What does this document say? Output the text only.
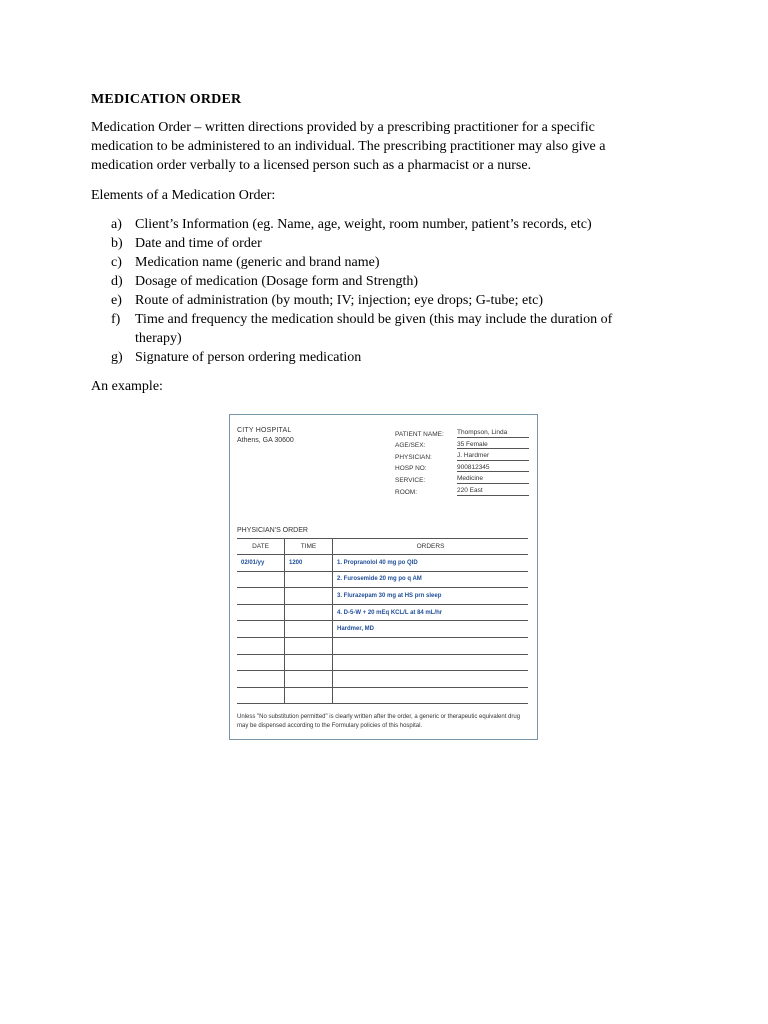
MEDICATION ORDER

Medication Order – written directions provided by a prescribing practitioner for a specific medication to be administered to an individual. The prescribing practitioner may also give a medication order verbally to a licensed person such as a pharmacist or a nurse.

Elements of a Medication Order:

a) Client’s Information (eg. Name, age, weight, room number, patient’s records, etc)
b) Date and time of order
c) Medication name (generic and brand name)
d) Dosage of medication (Dosage form and Strength)
e) Route of administration (by mouth; IV; injection; eye drops; G-tube; etc)
f)	Time and frequency the medication should be given (this may include the duration of therapy)
g) Signature of person ordering medication

An example:

CITY HOSPITAL
Athens, GA 30600
PATIENT NAME:	Thompson, Linda
AGE/SEX:	35 Female
PHYSICIAN:	J. Hardmer
HOSP NO:	900812345
SERVICE:	Medicine
ROOM:	220 East
PHYSICIAN'S ORDER
DATE	TIME	ORDERS
02/01/yy	1200	1. Propranolol 40 mg po QID
		2. Furosemide 20 mg po q AM
		3. Flurazepam 30 mg at HS prn sleep
		4. D-5-W + 20 mEq KCL/L at 84 mL/hr
		Hardmer, MD

Unless "No substitution permitted" is clearly written after the order, a generic or therapeutic equivalent drug may be dispensed according to the Formulary policies of this hospital.
